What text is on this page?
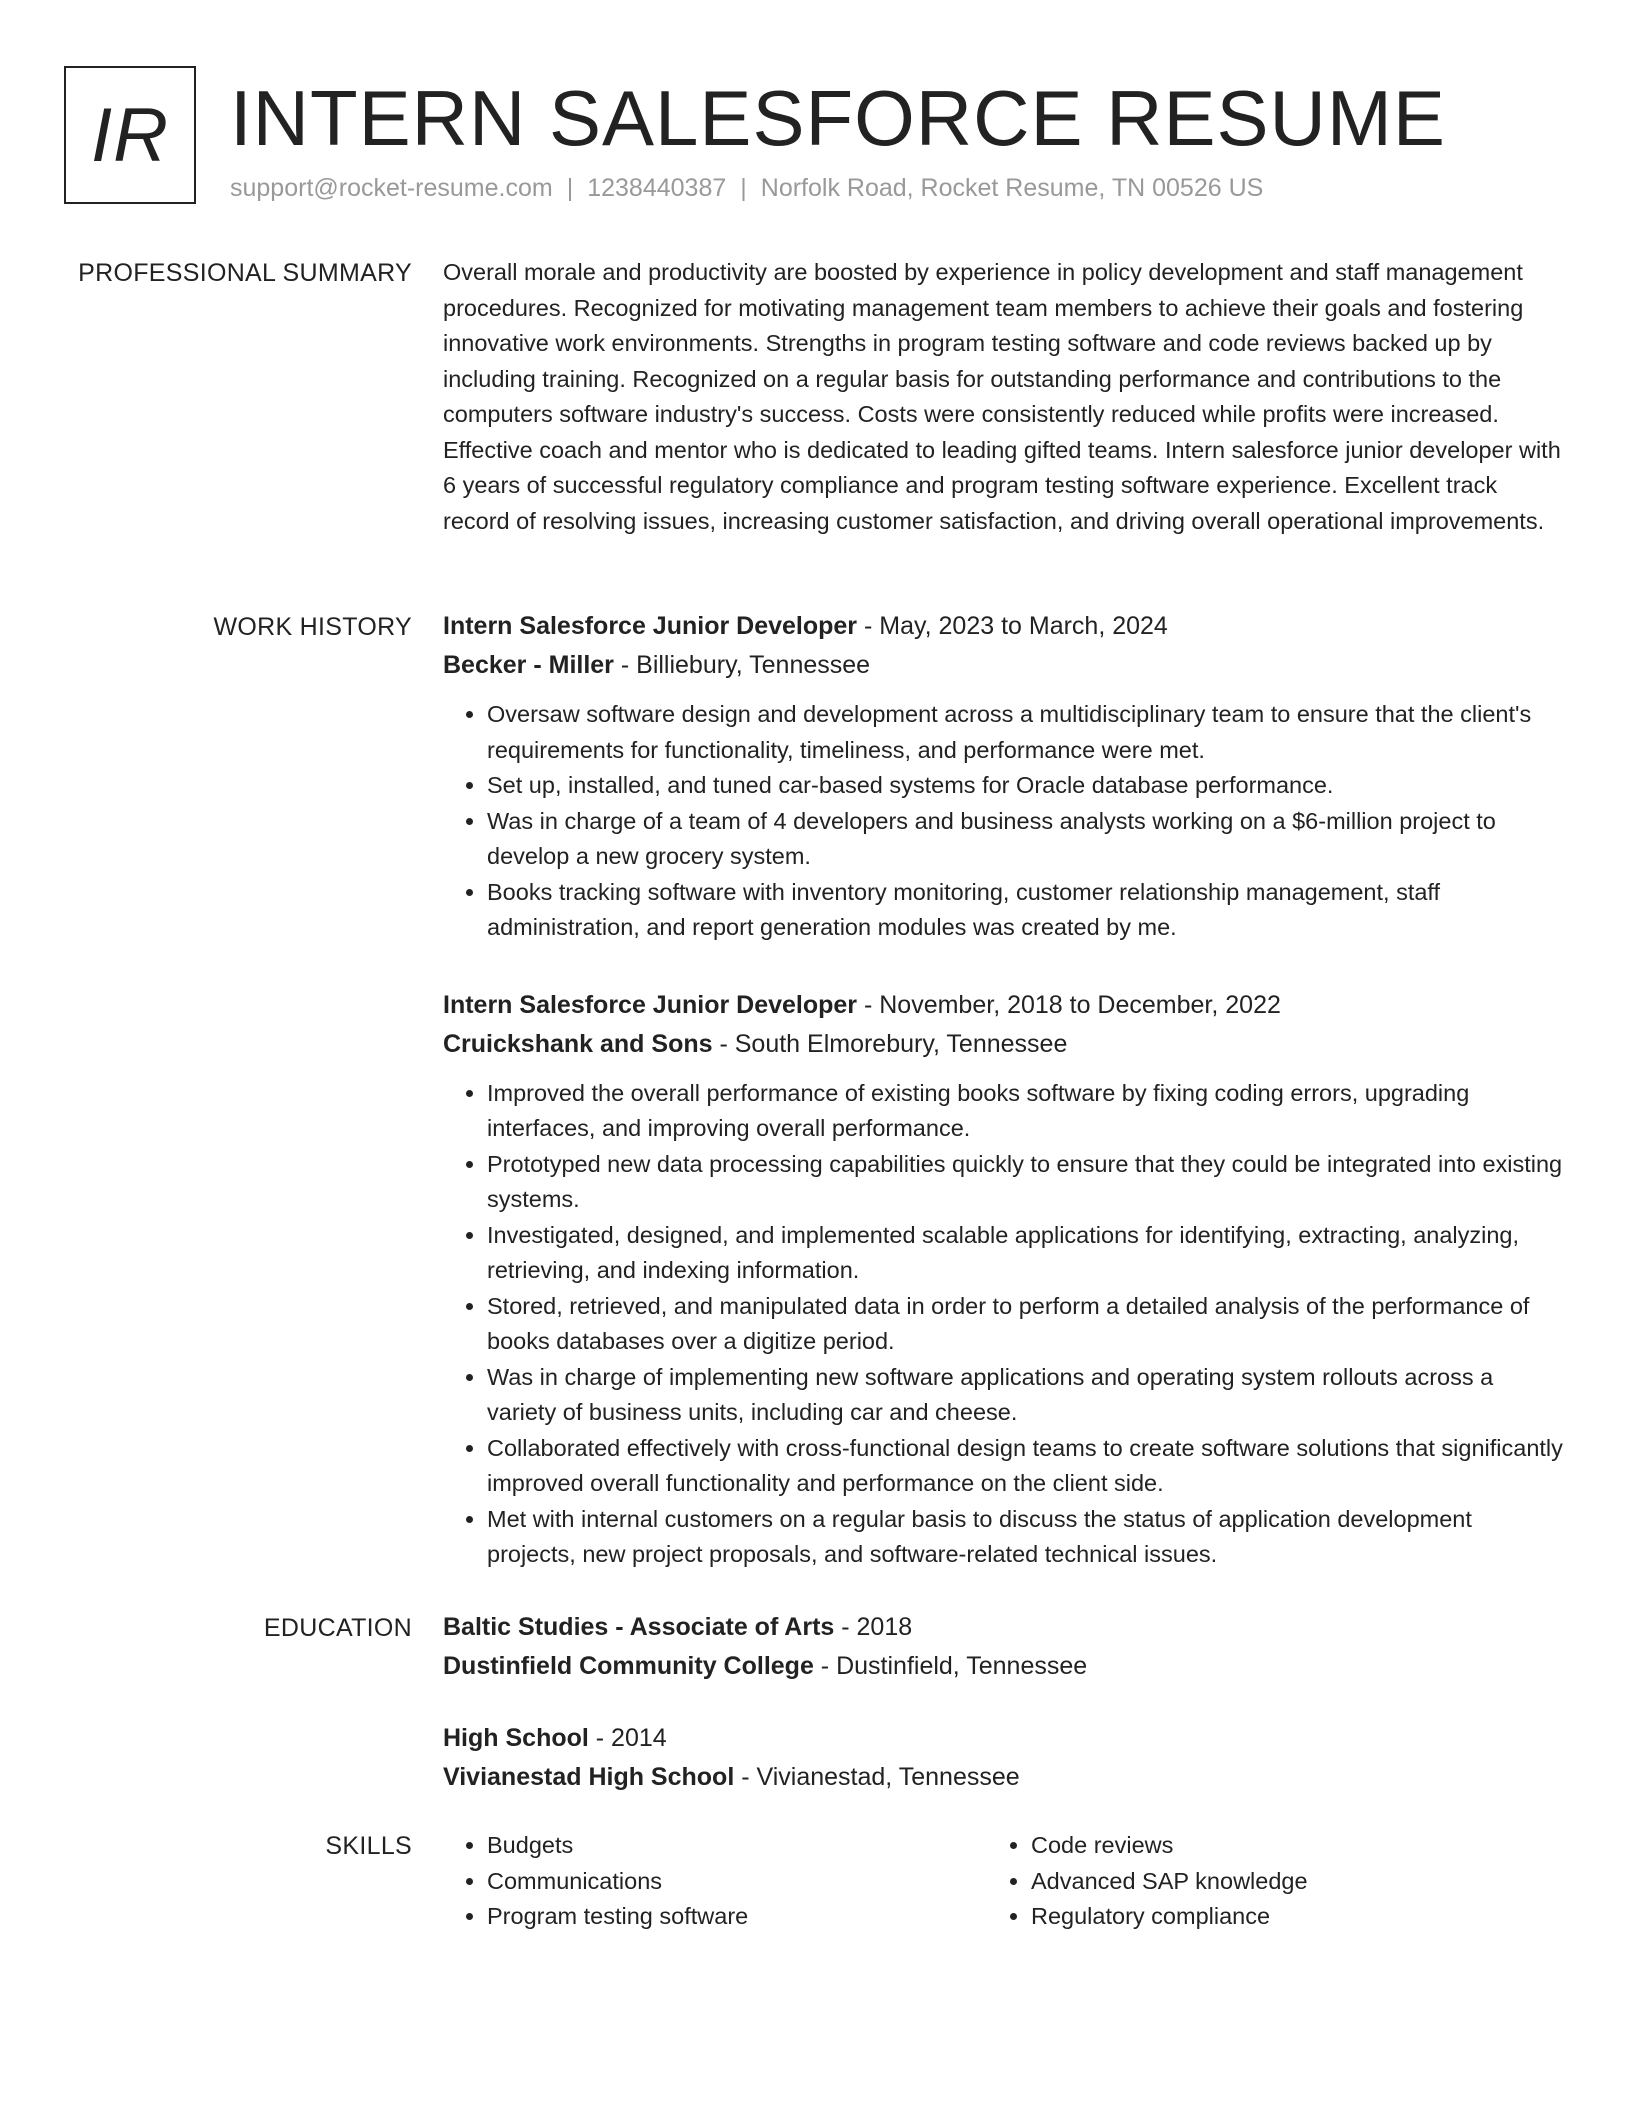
IR INTERN SALESFORCE RESUME
support@rocket-resume.com | 1238440387 | Norfolk Road, Rocket Resume, TN 00526 US
PROFESSIONAL SUMMARY Overall morale and productivity are boosted by experience in policy development and staff management procedures. Recognized for motivating management team members to achieve their goals and fostering innovative work environments. Strengths in program testing software and code reviews backed up by including training. Recognized on a regular basis for outstanding performance and contributions to the computers software industry's success. Costs were consistently reduced while profits were increased. Effective coach and mentor who is dedicated to leading gifted teams. Intern salesforce junior developer with 6 years of successful regulatory compliance and program testing software experience. Excellent track record of resolving issues, increasing customer satisfaction, and driving overall operational improvements.

WORK HISTORY Intern Salesforce Junior Developer - May, 2023 to March, 2024
Becker - Miller - Billiebury, Tennessee
• Oversaw software design and development across a multidisciplinary team to ensure that the client's requirements for functionality, timeliness, and performance were met.
• Set up, installed, and tuned car-based systems for Oracle database performance.
• Was in charge of a team of 4 developers and business analysts working on a $6-million project to develop a new grocery system.
• Books tracking software with inventory monitoring, customer relationship management, staff administration, and report generation modules was created by me.
Intern Salesforce Junior Developer - November, 2018 to December, 2022
Cruickshank and Sons - South Elmorebury, Tennessee
• Improved the overall performance of existing books software by fixing coding errors, upgrading interfaces, and improving overall performance.
• Prototyped new data processing capabilities quickly to ensure that they could be integrated into existing systems.
• Investigated, designed, and implemented scalable applications for identifying, extracting, analyzing, retrieving, and indexing information.
• Stored, retrieved, and manipulated data in order to perform a detailed analysis of the performance of books databases over a digitize period.
• Was in charge of implementing new software applications and operating system rollouts across a variety of business units, including car and cheese.
• Collaborated effectively with cross-functional design teams to create software solutions that significantly improved overall functionality and performance on the client side.
• Met with internal customers on a regular basis to discuss the status of application development projects, new project proposals, and software-related technical issues.
EDUCATION Baltic Studies - Associate of Arts - 2018
Dustinfield Community College - Dustinfield, Tennessee
High School - 2014
Vivianestad High School - Vivianestad, Tennessee
SKILLS
•	Budgets
• Communications
• Program testing software
• Code reviews
• Advanced SAP knowledge
• Regulatory compliance
